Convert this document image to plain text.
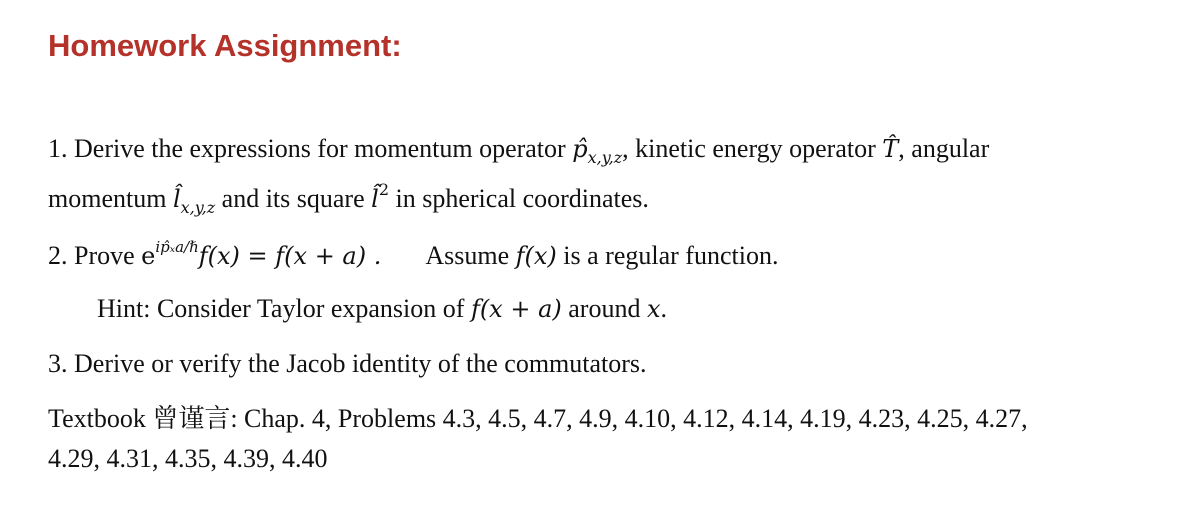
Homework Assignment:

1. Derive the expressions for momentum operator $p̂_{x,y,z}$, kinetic energy operator T̂, angular

momentum $l̂_{x,y,z}$ and its square l̂$^2$ in spherical coordinates.

2. Prove $e^{ip̂_xa/\hbar}f(x) = f(x + a)$ . Assume f(x) is a regular function.

Hint: Consider Taylor expansion of f(x + a) around x.

3. Derive or verify the Jacob identity of the commutators.

Textbook 曾谨言: Chap. 4, Problems 4.3, 4.5, 4.7, 4.9, 4.10, 4.12, 4.14, 4.19, 4.23, 4.25, 4.27,

4.29, 4.31, 4.35, 4.39, 4.40
